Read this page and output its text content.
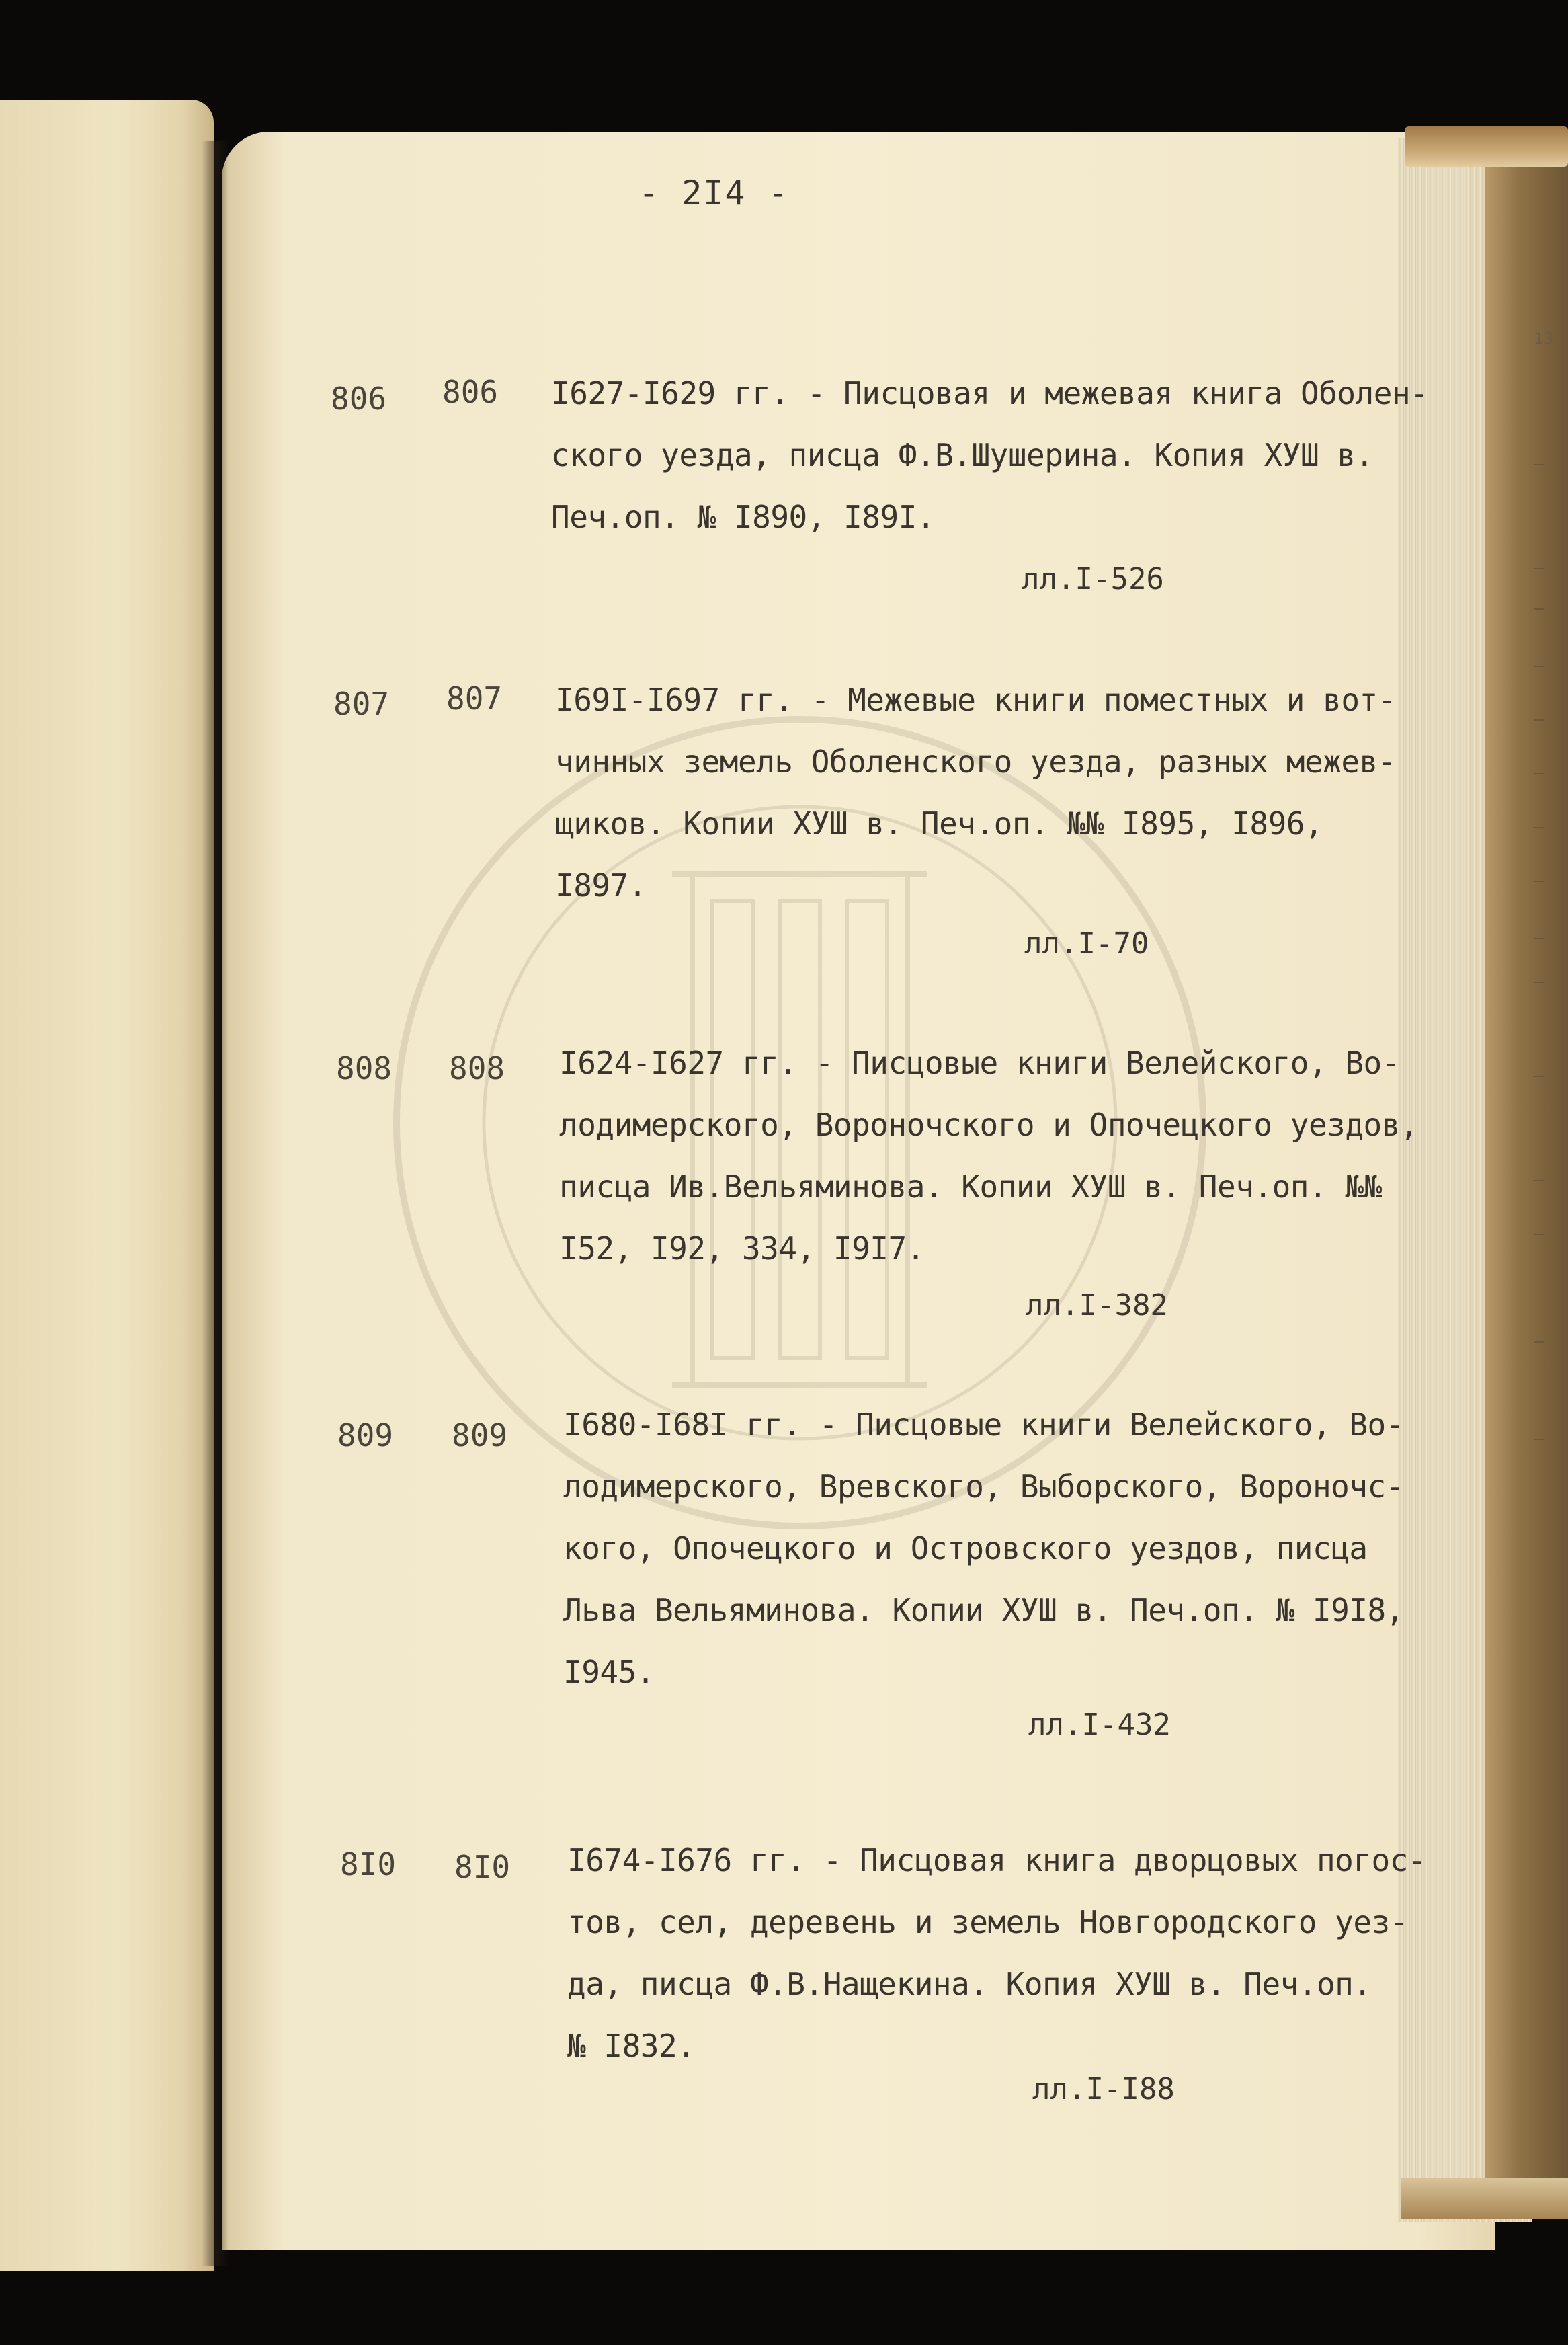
13
- 2I4 -
806 806 I627-I629 гг. - Писцовая и межевая книга Оболен-
ского уезда, писца Ф.В.Шушерина. Копия ХУШ в.
Печ.оп. № I890, I89I.
лл.I-526
807 807 I69I-I697 гг. - Межевые книги поместных и вот-
чинных земель Оболенского уезда, разных межев-
щиков. Копии ХУШ в. Печ.оп. №№ I895, I896,
I897.
лл.I-70
808 808 I624-I627 гг. - Писцовые книги Велейского, Во-
лодимерского, Вороночского и Опочецкого уездов,
писца Ив.Вельяминова. Копии ХУШ в. Печ.оп. №№
I52, I92, 334, I9I7.
лл.I-382
809 809 I680-I68I гг. - Писцовые книги Велейского, Во-
лодимерского, Вревского, Выборского, Вороночс-
кого, Опочецкого и Островского уездов, писца
Льва Вельяминова. Копии ХУШ в. Печ.оп. № I9I8,
I945.
лл.I-432
8I0 8I0 I674-I676 гг. - Писцовая книга дворцовых погос-
тов, сел, деревень и земель Новгородского уез-
да, писца Ф.В.Нащекина. Копия ХУШ в. Печ.оп.
№ I832.
лл.I-I88
